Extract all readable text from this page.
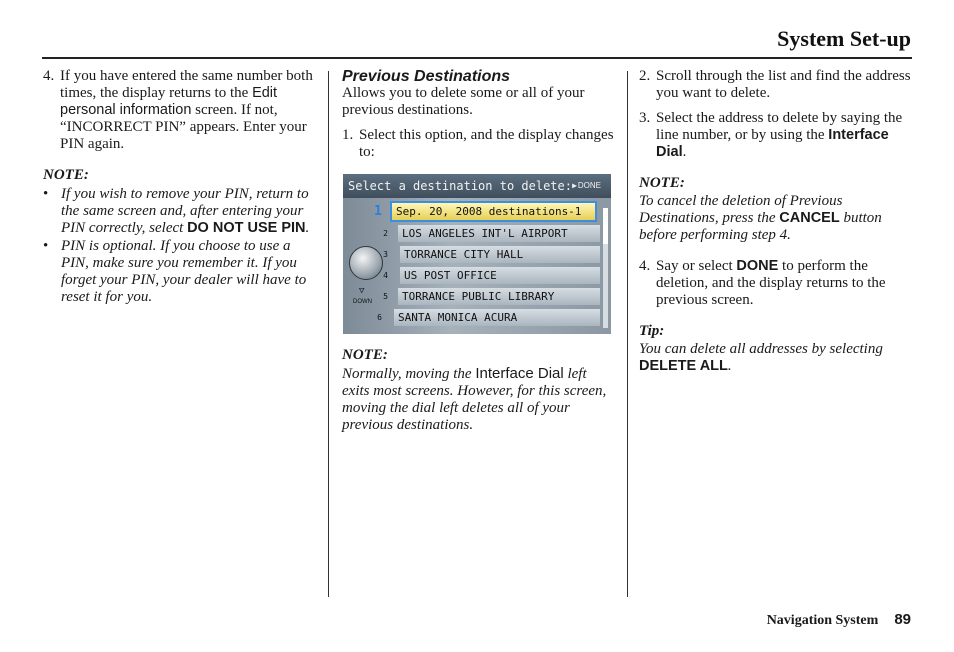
System Set-up
4. If you have entered the same number both times, the display returns to the Edit personal information screen. If not, “INCORRECT PIN” appears. Enter your PIN again.

NOTE:

• If you wish to remove your PIN, return to the same screen and, after entering your PIN correctly, select DO NOT USE PIN.
• PIN is optional. If you choose to use a PIN, make sure you remember it. If you forget your PIN, your dealer will have to reset it for you.

Previous Destinations

Allows you to delete some or all of your previous destinations.

1. Select this option, and the display changes to:
Select a destination to delete: ▶ DONE
▽
DOWN
1	Sep. 20, 2008 destinations-1
2	LOS ANGELES INT'L AIRPORT
3	TORRANCE CITY HALL
4	US POST OFFICE
5	TORRANCE PUBLIC LIBRARY
6	SANTA MONICA ACURA

NOTE:

Normally, moving the Interface Dial left exits most screens. However, for this screen, moving the dial left deletes all of your previous destinations.

2. Scroll through the list and find the address you want to delete.
3. Select the address to delete by saying the line number, or by using the Interface Dial.

NOTE:

To cancel the deletion of Previous Destinations, press the CANCEL button before performing step 4.

4. Say or select DONE to perform the deletion, and the display returns to the previous screen.

Tip:

You can delete all addresses by selecting DELETE ALL.

Navigation System 89
